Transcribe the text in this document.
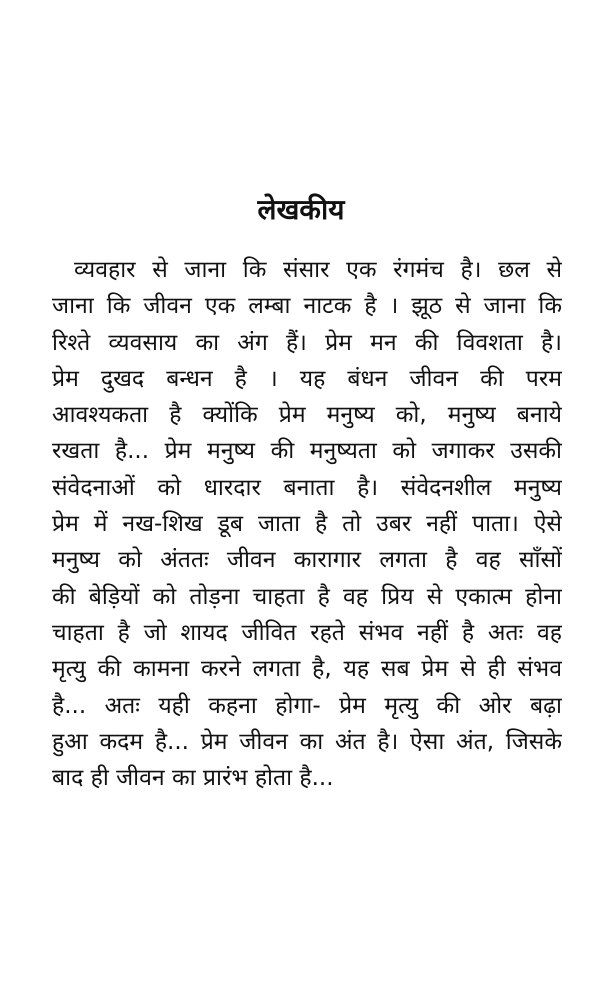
लेखकीय
व्यवहार से जाना कि संसार एक रंगमंच है। छल से
जाना कि जीवन एक लम्बा नाटक है । झूठ से जाना कि
रिश्ते व्यवसाय का अंग हैं। प्रेम मन की विवशता है।
प्रेम दुखद बन्धन है । यह बंधन जीवन की परम
आवश्यकता है क्योंकि प्रेम मनुष्य को, मनुष्य बनाये
रखता है... प्रेम मनुष्य की मनुष्यता को जगाकर उसकी
संवेदनाओं को धारदार बनाता है। संवेदनशील मनुष्य
प्रेम में नख-शिख डूब जाता है तो उबर नहीं पाता। ऐसे
मनुष्य को अंततः जीवन कारागार लगता है वह साँसों
की बेड़ियों को तोड़ना चाहता है वह प्रिय से एकात्म होना
चाहता है जो शायद जीवित रहते संभव नहीं है अतः वह
मृत्यु की कामना करने लगता है, यह सब प्रेम से ही संभव
है... अतः यही कहना होगा- प्रेम मृत्यु की ओर बढ़ा
हुआ कदम है... प्रेम जीवन का अंत है। ऐसा अंत, जिसके
बाद ही जीवन का प्रारंभ होता है...
